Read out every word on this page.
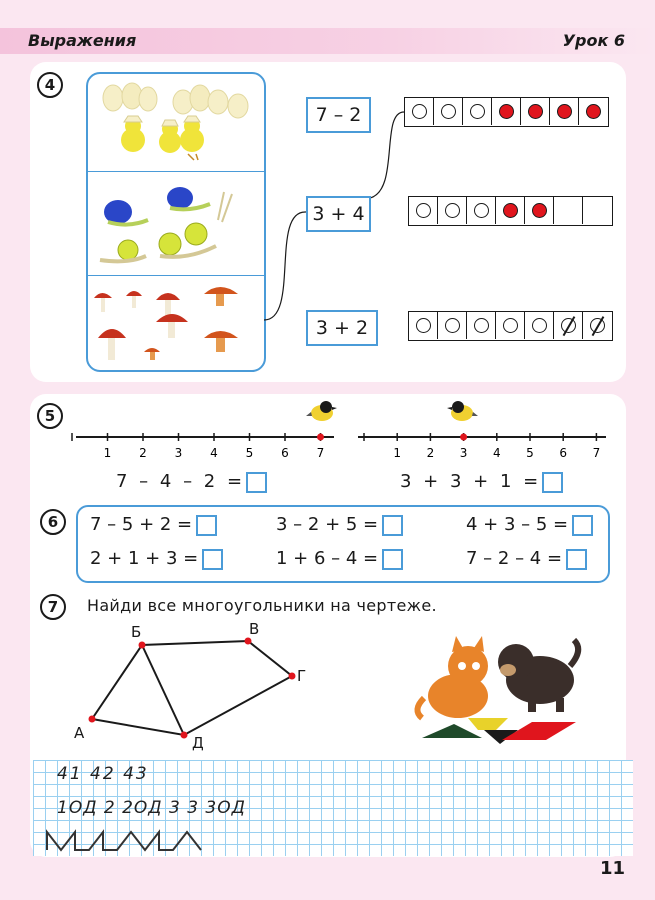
Выражения	Урок 6
4
7 – 2
3 + 4
3 + 2
5
1 2 3 4 5 6 7	1 2 3 4 5 6 7
7 – 4 – 2 =	3 + 3 + 1 =
6	7 – 5 + 2 =	3 – 2 + 5 =	4 + 3 – 5 =
2 + 1 + 3 =	1 + 6 – 4 =	7 – 2 – 4 =
7	Найди все многоугольники на чертеже.
А
Б	В
Г
Д
41 42 43
1ОД 2 2ОД 3 3 3ОД
11
